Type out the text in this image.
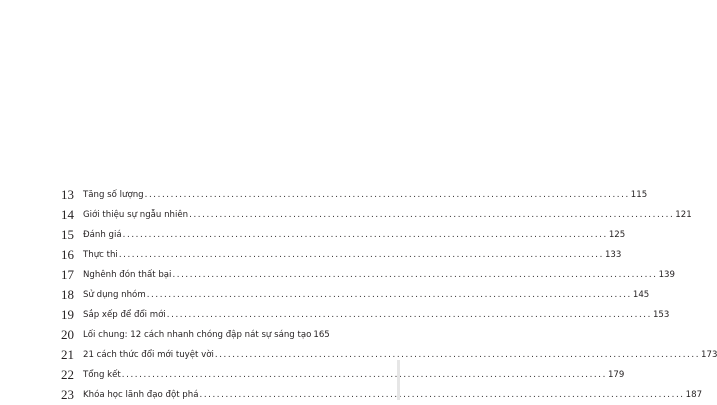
13 Tăng số lượng .....	115
14 Giới thiệu sự ngẫu nhiên .....	121
15 Đánh giá .....	125
16 Thực thi .....	133
17 Nghênh đón thất bại .....	139
18 Sử dụng nhóm .....	145
19 Sắp xếp để đổi mới .....	153
20 Lối chung: 12 cách nhanh chóng đập nát sự sáng tạo 165
21 21 cách thức đổi mới tuyệt vời .....	173
22 Tổng kết .....	179
23 Khóa học lãnh đạo đột phá .....	187
